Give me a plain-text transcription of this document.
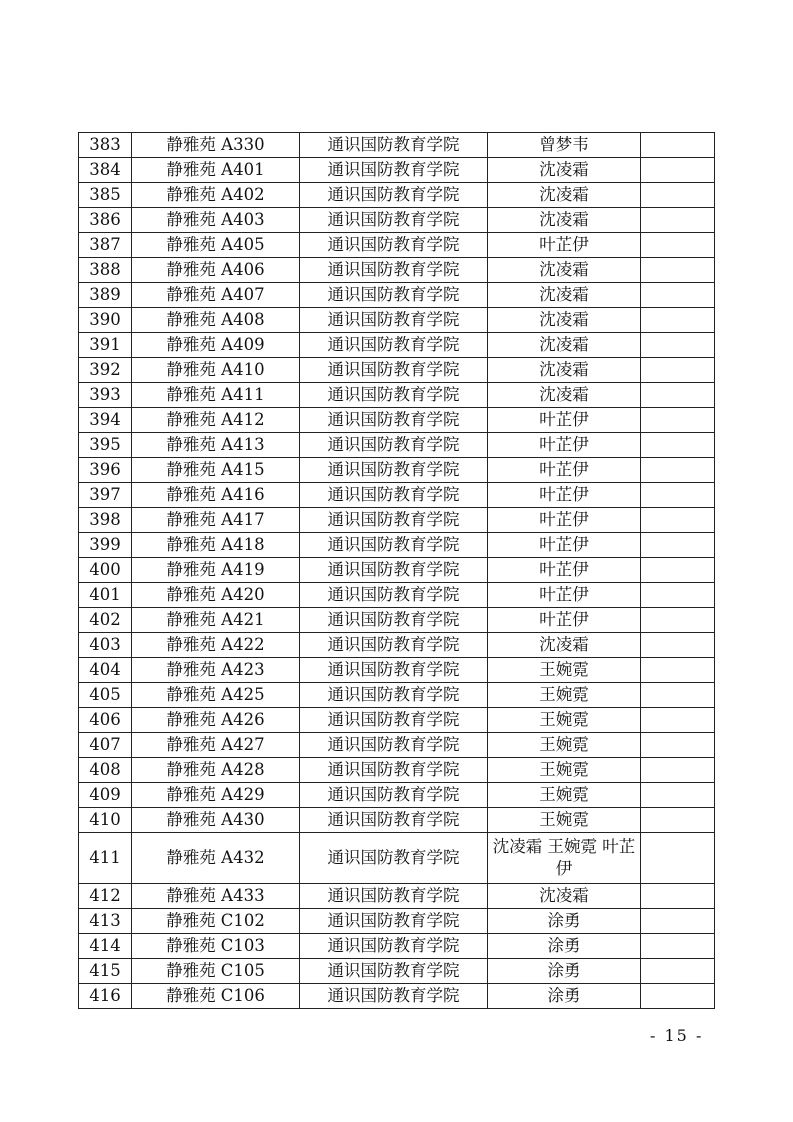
383	静雅苑 A330	通识国防教育学院	曾梦韦	
384	静雅苑 A401	通识国防教育学院	沈凌霜	
385	静雅苑 A402	通识国防教育学院	沈凌霜	
386	静雅苑 A403	通识国防教育学院	沈凌霜	
387	静雅苑 A405	通识国防教育学院	叶芷伊	
388	静雅苑 A406	通识国防教育学院	沈凌霜	
389	静雅苑 A407	通识国防教育学院	沈凌霜	
390	静雅苑 A408	通识国防教育学院	沈凌霜	
391	静雅苑 A409	通识国防教育学院	沈凌霜	
392	静雅苑 A410	通识国防教育学院	沈凌霜	
393	静雅苑 A411	通识国防教育学院	沈凌霜	
394	静雅苑 A412	通识国防教育学院	叶芷伊	
395	静雅苑 A413	通识国防教育学院	叶芷伊	
396	静雅苑 A415	通识国防教育学院	叶芷伊	
397	静雅苑 A416	通识国防教育学院	叶芷伊	
398	静雅苑 A417	通识国防教育学院	叶芷伊	
399	静雅苑 A418	通识国防教育学院	叶芷伊	
400	静雅苑 A419	通识国防教育学院	叶芷伊	
401	静雅苑 A420	通识国防教育学院	叶芷伊	
402	静雅苑 A421	通识国防教育学院	叶芷伊	
403	静雅苑 A422	通识国防教育学院	沈凌霜	
404	静雅苑 A423	通识国防教育学院	王婉霓	
405	静雅苑 A425	通识国防教育学院	王婉霓	
406	静雅苑 A426	通识国防教育学院	王婉霓	
407	静雅苑 A427	通识国防教育学院	王婉霓	
408	静雅苑 A428	通识国防教育学院	王婉霓	
409	静雅苑 A429	通识国防教育学院	王婉霓	
410	静雅苑 A430	通识国防教育学院	王婉霓	
411	静雅苑 A432	通识国防教育学院	沈凌霜 王婉霓 叶芷伊	
412	静雅苑 A433	通识国防教育学院	沈凌霜	
413	静雅苑 C102	通识国防教育学院	涂勇	
414	静雅苑 C103	通识国防教育学院	涂勇	
415	静雅苑 C105	通识国防教育学院	涂勇	
416	静雅苑 C106	通识国防教育学院	涂勇	
- 15 -
